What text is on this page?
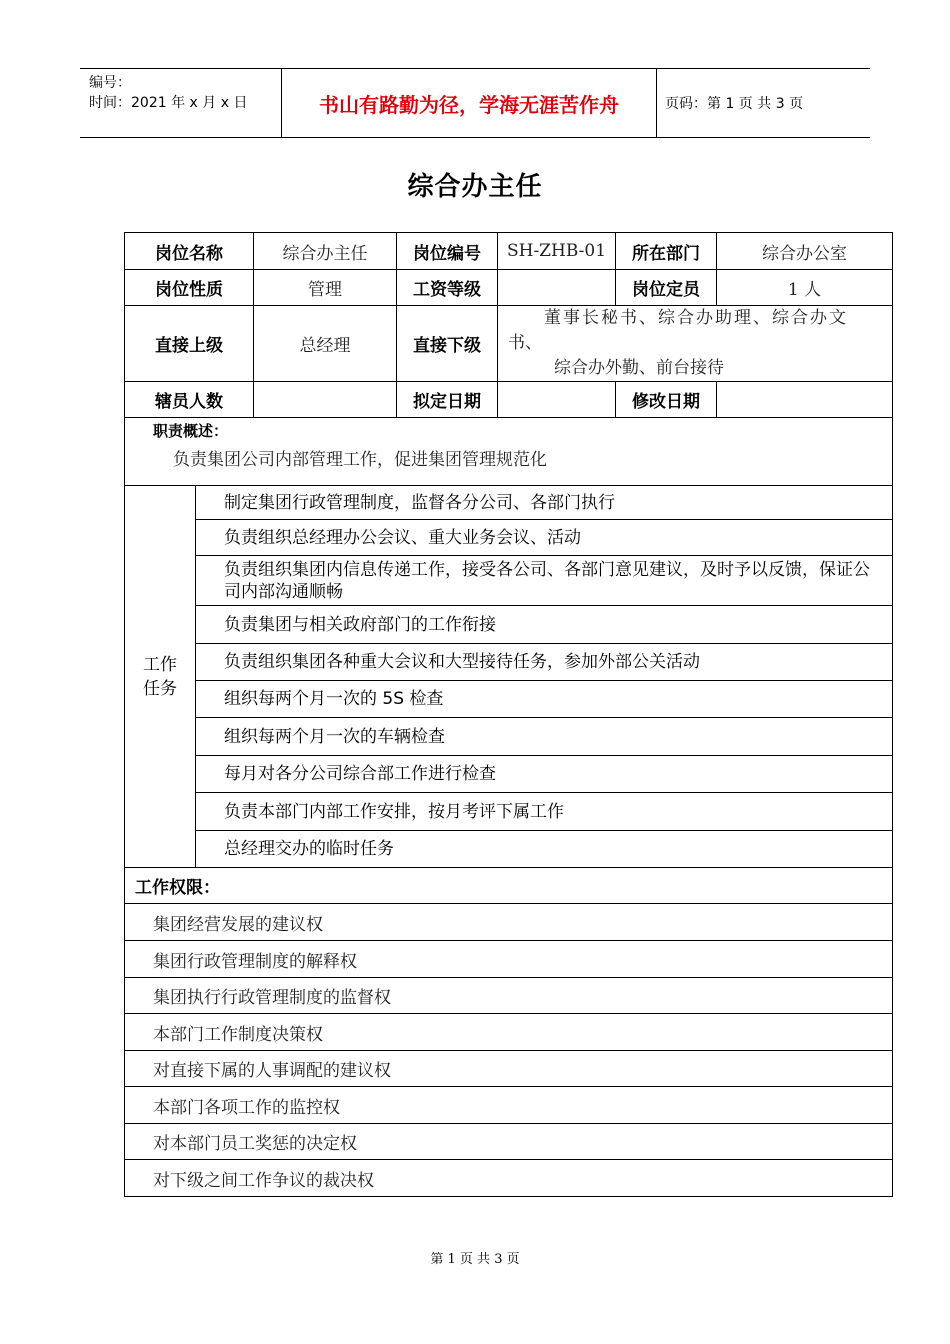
编号：
时间：2021 年 x 月 x 日	书山有路勤为径，学海无涯苦作舟	页码：第 1 页 共 3 页
综合办主任
岗位名称		综合办主任	岗位编号	SH-ZHB-01	所在部门	综合办公室
岗位性质		管理	工资等级		岗位定员	1 人
直接上级		总经理	直接下级	董事长秘书、综合办助理、综合办文
书、
综合办外勤、前台接待		

辖员人数			拟定日期		修改日期	

职责概述：
负责集团公司内部管理工作，促进集团管理规范化						

工作
任务	制定集团行政管理制度，监督各分公司、各部门执行					
	负责组织总经理办公会议、重大业务会议、活动					
	负责组织集团内信息传递工作，接受各公司、各部门意见建议，及时予以反馈，保证公司内部沟通顺畅					
	负责集团与相关政府部门的工作衔接					
	负责组织集团各种重大会议和大型接待任务，参加外部公关活动					
	组织每两个月一次的 5S 检查					
	组织每两个月一次的车辆检查					
	每月对各分公司综合部工作进行检查					
	负责本部门内部工作安排，按月考评下属工作					
	总经理交办的临时任务					
工作权限：						
集团经营发展的建议权						
集团行政管理制度的解释权						
集团执行行政管理制度的监督权						
本部门工作制度决策权						
对直接下属的人事调配的建议权						
本部门各项工作的监控权						
对本部门员工奖惩的决定权						
对下级之间工作争议的裁决权						
第 1 页 共 3 页
